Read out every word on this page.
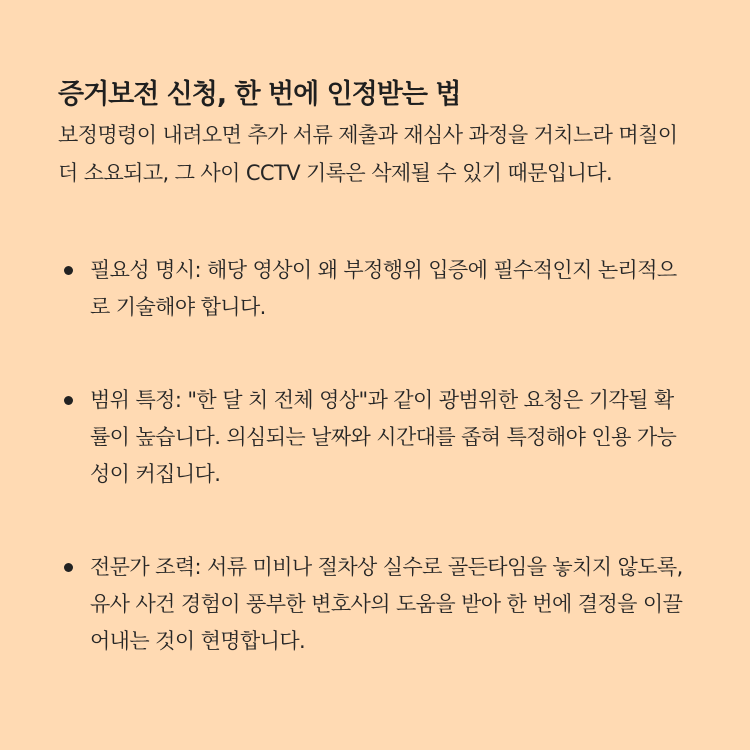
증거보전 신청, 한 번에 인정받는 법

보정명령이 내려오면 추가 서류 제출과 재심사 과정을 거치느라 며칠이 더 소요되고, 그 사이 CCTV 기록은 삭제될 수 있기 때문입니다.

필요성 명시: 해당 영상이 왜 부정행위 입증에 필수적인지 논리적으로 기술해야 합니다.
범위 특정: "한 달 치 전체 영상"과 같이 광범위한 요청은 기각될 확률이 높습니다. 의심되는 날짜와 시간대를 좁혀 특정해야 인용 가능성이 커집니다.
전문가 조력: 서류 미비나 절차상 실수로 골든타임을 놓치지 않도록, 유사 사건 경험이 풍부한 변호사의 도움을 받아 한 번에 결정을 이끌어내는 것이 현명합니다.
